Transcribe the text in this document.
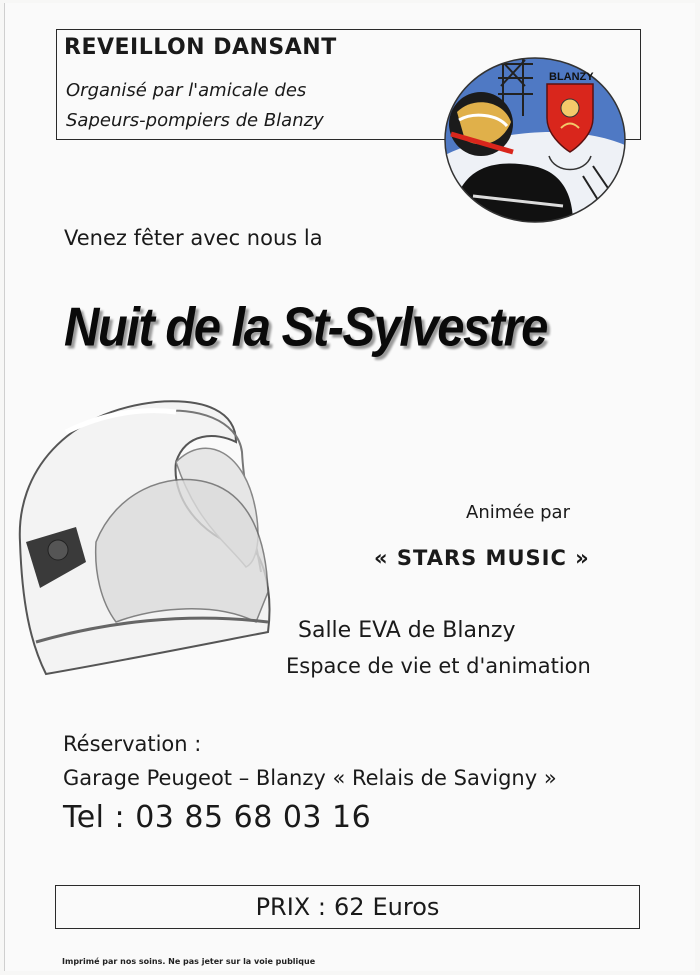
REVEILLON DANSANT
Organisé par l'amicale des
Sapeurs-pompiers de Blanzy
BLANZY
Venez fêter avec nous la
Nuit de la St-Sylvestre
Animée par
« STARS MUSIC »
Salle EVA de Blanzy
Espace de vie et d'animation
Réservation :
Garage Peugeot – Blanzy « Relais de Savigny »
Tel : 03 85 68 03 16
PRIX : 62 Euros
Imprimé par nos soins. Ne pas jeter sur la voie publique
